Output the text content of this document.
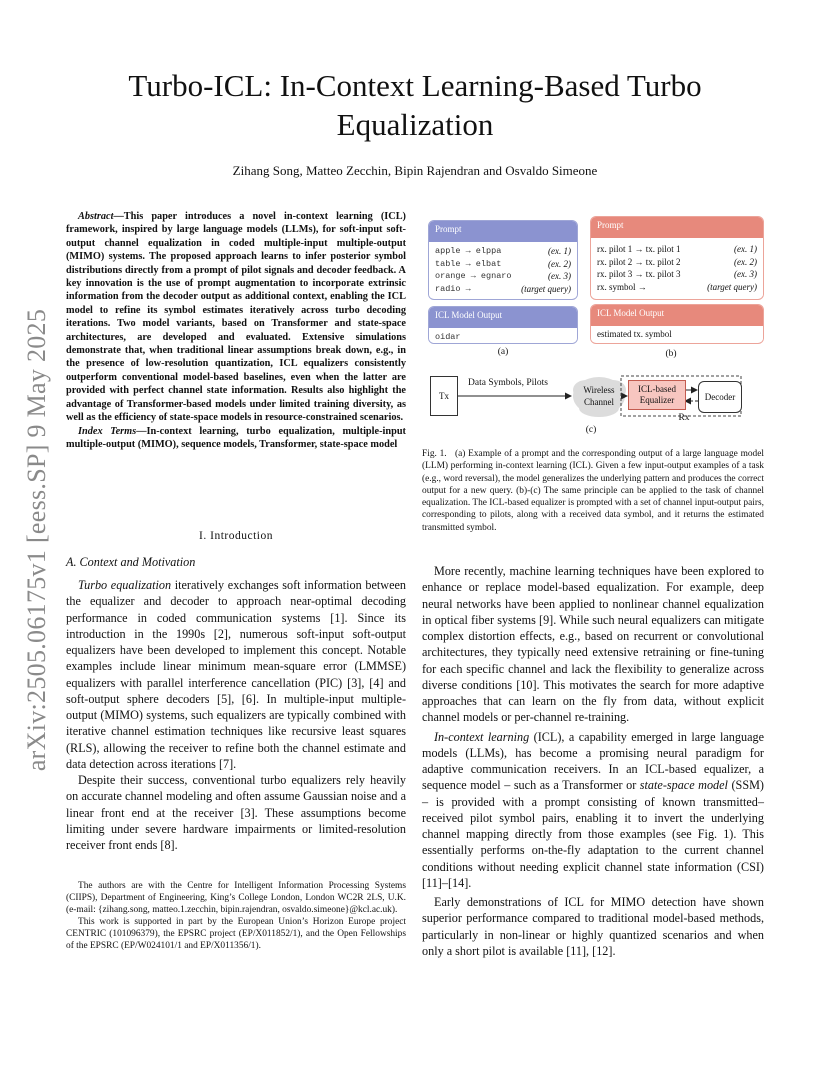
arXiv:2505.06175v1 [eess.SP] 9 May 2025
Turbo-ICL: In-Context Learning-Based Turbo Equalization
Zihang Song, Matteo Zecchin, Bipin Rajendran and Osvaldo Simeone

Abstract—This paper introduces a novel in-context learning (ICL) framework, inspired by large language models (LLMs), for soft-input soft-output channel equalization in coded multiple-input multiple-output (MIMO) systems. The proposed approach learns to infer posterior symbol distributions directly from a prompt of pilot signals and decoder feedback. A key innovation is the use of prompt augmentation to incorporate extrinsic information from the decoder output as additional context, enabling the ICL model to refine its symbol estimates iteratively across turbo decoding iterations. Two model variants, based on Transformer and state-space architectures, are developed and evaluated. Extensive simulations demonstrate that, when traditional linear assumptions break down, e.g., in the presence of low-resolution quantization, ICL equalizers consistently outperform conventional model-based baselines, even when the latter are provided with perfect channel state information. Results also highlight the advantage of Transformer-based models under limited training diversity, as well as the efficiency of state-space models in resource-constrained scenarios.

Index Terms—In-context learning, turbo equalization, multiple-input multiple-output (MIMO), sequence models, Transformer, state-space model

I. Introduction
A. Context and Motivation

Turbo equalization iteratively exchanges soft information between the equalizer and decoder to approach near-optimal decoding performance in coded communication systems [1]. Since its introduction in the 1990s [2], numerous soft-input soft-output equalizers have been developed to implement this concept. Notable examples include linear minimum mean-square error (LMMSE) equalizers with parallel interference cancellation (PIC) [3], [4] and soft-output sphere decoders [5], [6]. In multiple-input multiple-output (MIMO) systems, such equalizers are typically combined with iterative channel estimation techniques like recursive least squares (RLS), allowing the receiver to refine both the channel estimate and data detection across iterations [7].

Despite their success, conventional turbo equalizers rely heavily on accurate channel modeling and often assume Gaussian noise and a linear front end at the receiver [3]. These assumptions become limiting under severe hardware impairments or limited-resolution receiver front ends [8].

The authors are with the Centre for Intelligent Information Processing Systems (CIIPS), Department of Engineering, King’s College London, London WC2R 2LS, U.K. (e-mail: {zihang.song, matteo.1.zecchin, bipin.rajendran, osvaldo.simeone}@kcl.ac.uk).

This work is supported in part by the European Union’s Horizon Europe project CENTRIC (101096379), the EPSRC project (EP/X011852/1), and the Open Fellowships of the EPSRC (EP/W024101/1 and EP/X011356/1).

Prompt
apple → elppa	(ex. 1)
table → elbat	(ex. 2)
orange → egnaro	(ex. 3)
radio →	(target query)
ICL Model Output
oidar
(a)
Prompt
rx. pilot 1 → tx. pilot 1	(ex. 1)
rx. pilot 2 → tx. pilot 2	(ex. 2)
rx. pilot 3 → tx. pilot 3	(ex. 3)
rx. symbol →	(target query)
ICL Model Output
estimated tx. symbol
(b)
Tx
Data Symbols, Pilots
Wireless Channel
ICL-based Equalizer	Decoder
Rx
(c)

Fig. 1. (a) Example of a prompt and the corresponding output of a large language model (LLM) performing in-context learning (ICL). Given a few input-output examples of a task (e.g., word reversal), the model generalizes the underlying pattern and produces the correct output for a new query. (b)-(c) The same principle can be applied to the task of channel equalization. The ICL-based equalizer is prompted with a set of channel input-output pairs, corresponding to pilots, along with a received data symbol, and it returns the estimated transmitted symbol.

More recently, machine learning techniques have been explored to enhance or replace model-based equalization. For example, deep neural networks have been applied to nonlinear channel equalization in optical fiber systems [9]. While such neural equalizers can mitigate complex distortion effects, e.g., based on recurrent or convolutional architectures, they typically need extensive retraining or fine-tuning for each specific channel and lack the flexibility to generalize across diverse conditions [10]. This motivates the search for more adaptive approaches that can learn on the fly from data, without explicit channel models or per-channel re-training.

In-context learning (ICL), a capability emerged in large language models (LLMs), has become a promising neural paradigm for adaptive communication receivers. In an ICL-based equalizer, a sequence model – such as a Transformer or state-space model (SSM) – is provided with a prompt consisting of known transmitted–received pilot symbol pairs, enabling it to invert the underlying channel mapping directly from those examples (see Fig. 1). This essentially performs on-the-fly adaptation to the current channel conditions without needing explicit channel state information (CSI) [11]–[14].

Early demonstrations of ICL for MIMO detection have shown superior performance compared to traditional model-based methods, particularly in non-linear or highly quantized scenarios and when only a short pilot is available [11], [12].
